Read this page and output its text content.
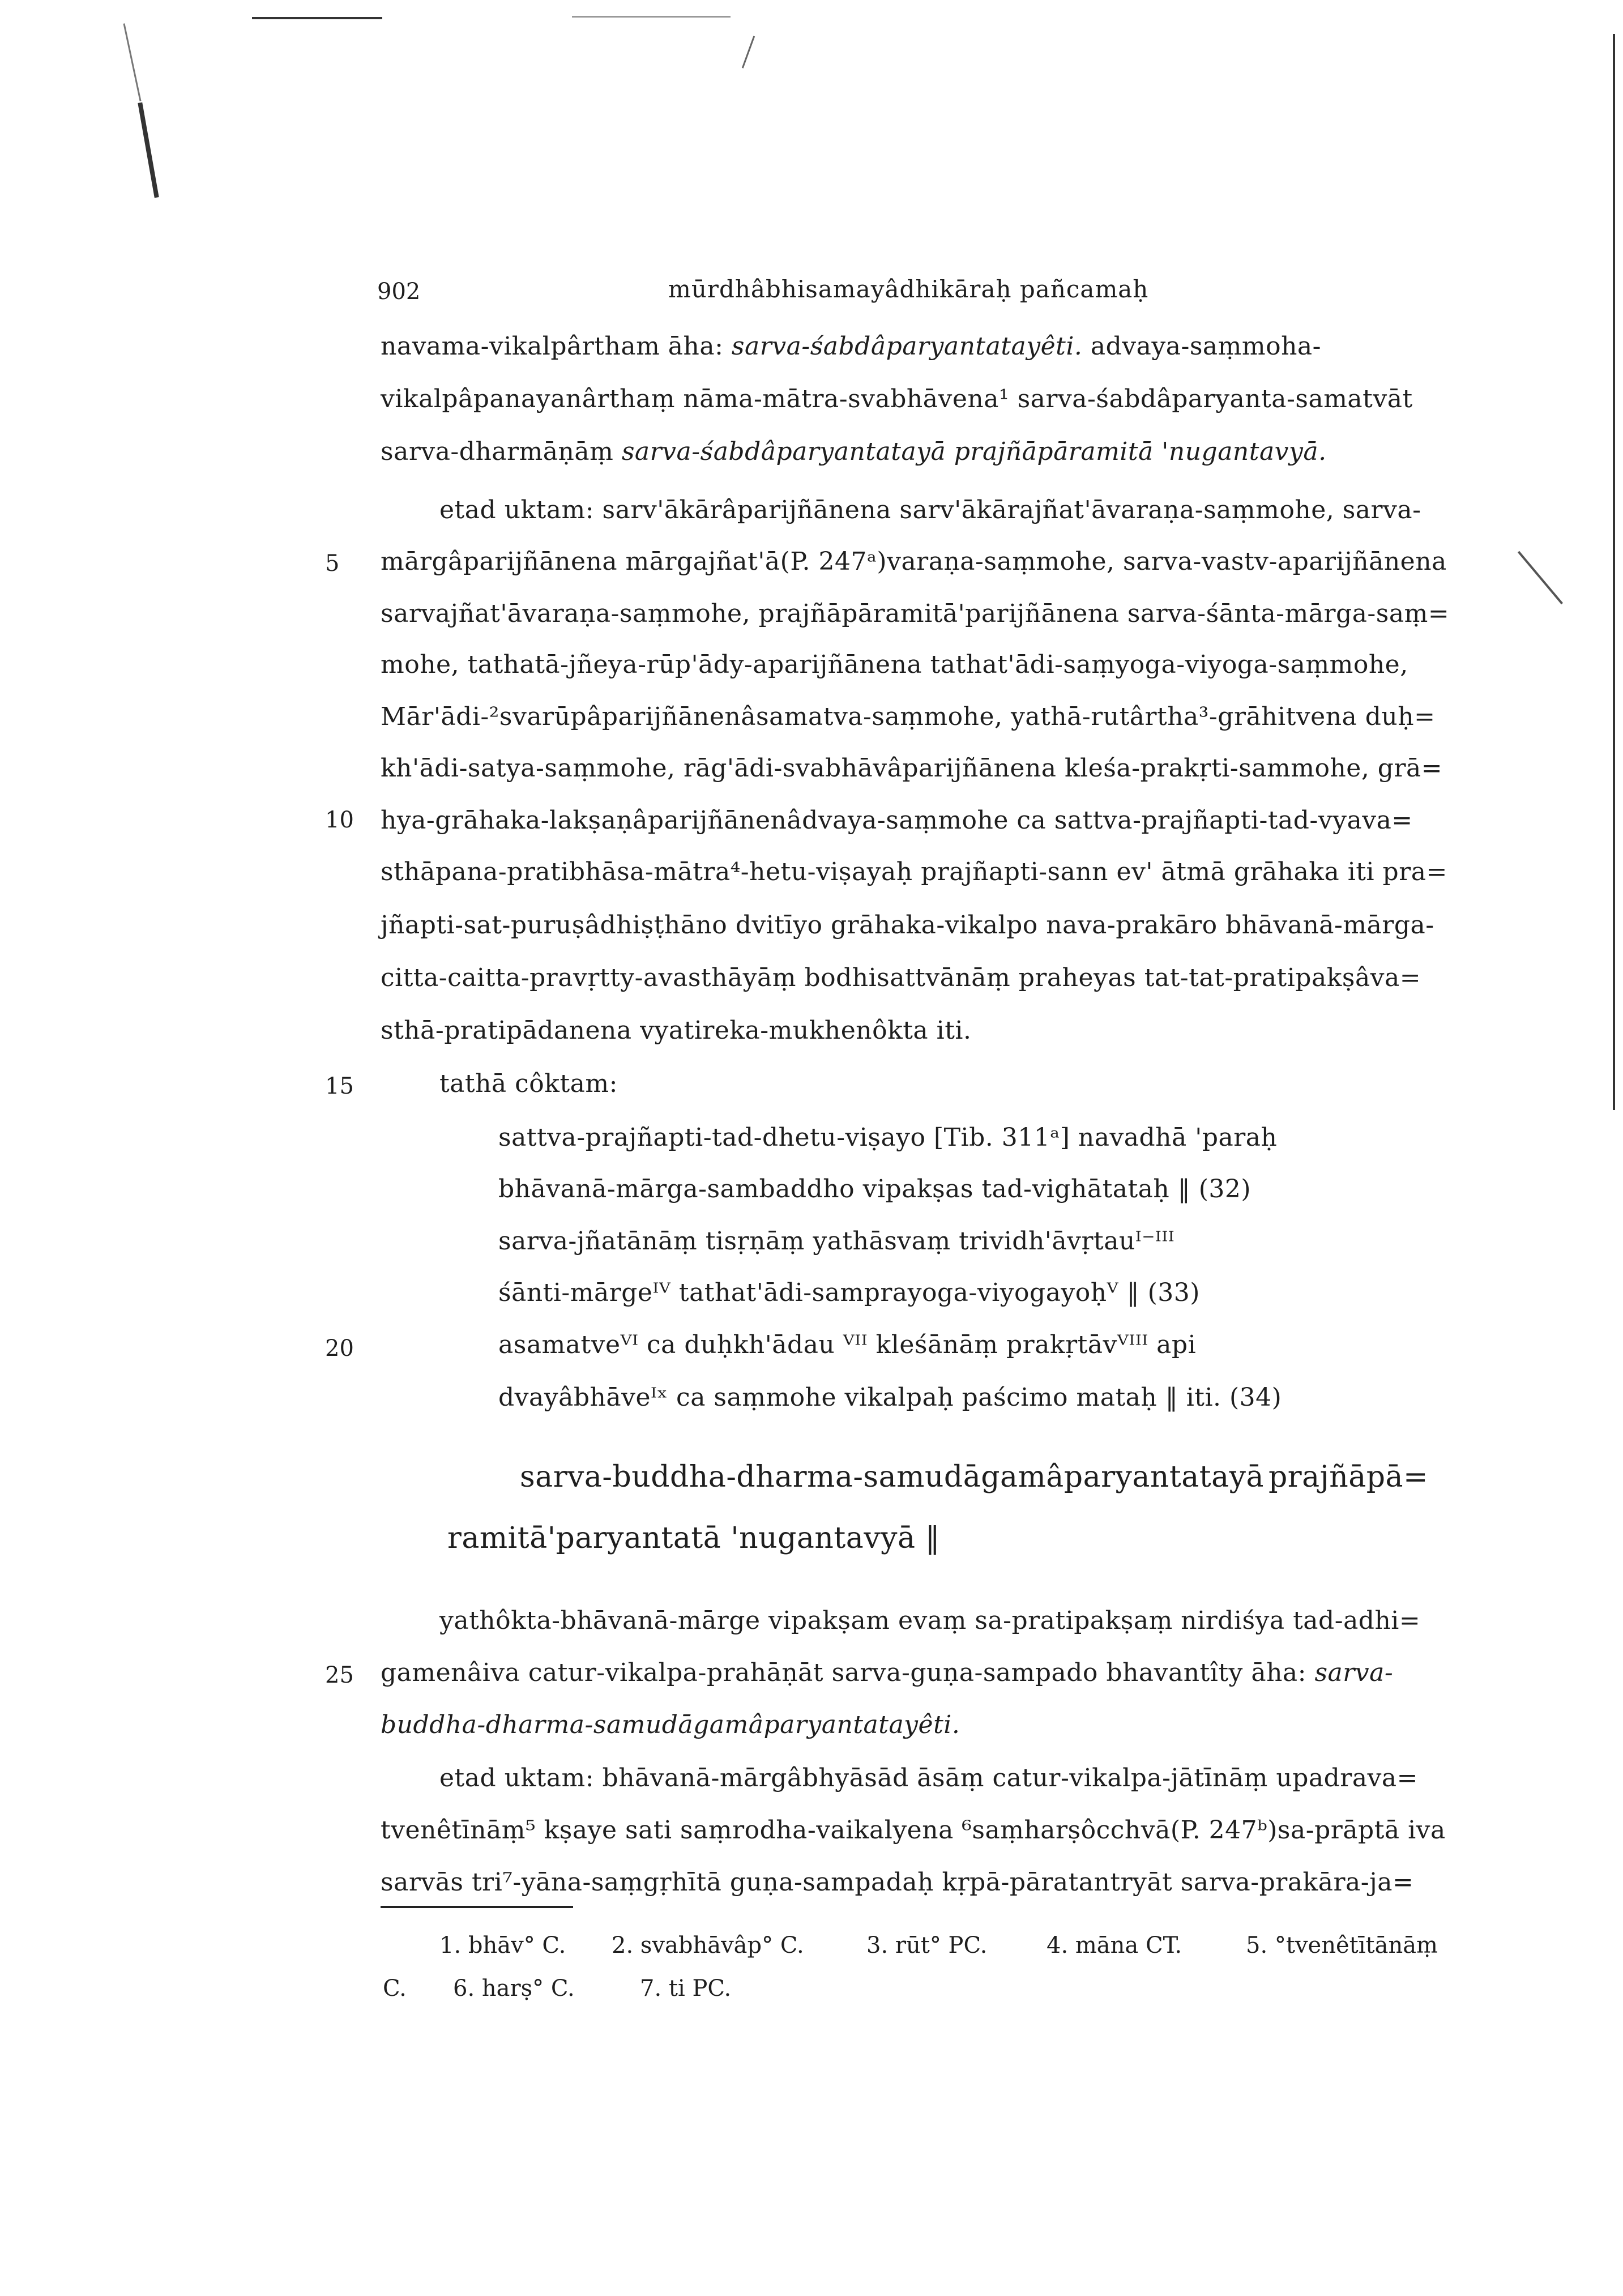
902	mūrdhâbhisamayâdhikāraḥ pañcamaḥ
5
10
15
20
25
navama-vikalpârtham āha: sarva-śabdâparyantatayêti. advaya-saṃmoha-
vikalpâpanayanârthaṃ nāma-mātra-svabhāvena¹ sarva-śabdâparyanta-samatvāt
sarva-dharmāṇāṃ sarva-śabdâparyantatayā prajñāpāramitā 'nugantavyā.
etad uktam: sarv'ākārâparijñānena sarv'ākārajñat'āvaraṇa-saṃmohe, sarva-
mārgâparijñānena mārgajñat'ā(P. 247ᵃ)varaṇa-saṃmohe, sarva-vastv-aparijñānena
sarvajñat'āvaraṇa-saṃmohe, prajñāpāramitā'parijñānena sarva-śānta-mārga-saṃ=
mohe, tathatā-jñeya-rūp'ādy-aparijñānena tathat'ādi-saṃyoga-viyoga-saṃmohe,
Mār'ādi-²svarūpâparijñānenâsamatva-saṃmohe, yathā-rutârtha³-grāhitvena duḥ=
kh'ādi-satya-saṃmohe, rāg'ādi-svabhāvâparijñānena kleśa-prakṛti-sammohe, grā=
hya-grāhaka-lakṣaṇâparijñānenâdvaya-saṃmohe ca sattva-prajñapti-tad-vyava=
sthāpana-pratibhāsa-mātra⁴-hetu-viṣayaḥ prajñapti-sann ev' ātmā grāhaka iti pra=
jñapti-sat-puruṣâdhiṣṭhāno dvitīyo grāhaka-vikalpo nava-prakāro bhāvanā-mārga-
citta-caitta-pravṛtty-avasthāyāṃ bodhisattvānāṃ praheyas tat-tat-pratipakṣâva=
sthā-pratipādanena vyatireka-mukhenôkta iti.
tathā côktam:
sattva-prajñapti-tad-dhetu-viṣayo [Tib. 311ᵃ] navadhā 'paraḥ
bhāvanā-mārga-sambaddho vipakṣas tad-vighātataḥ ‖ (32)
sarva-jñatānāṃ tisṛṇāṃ yathāsvaṃ trividh'āvṛtauᴵ⁻ᴵᴵᴵ
śānti-mārgeᴵⱽ tathat'ādi-samprayoga-viyogayoḥⱽ ‖ (33)
asamatveⱽᴵ ca duḥkh'ādau ⱽᴵᴵ kleśānāṃ prakṛtāvⱽᴵᴵᴵ api
dvayâbhāveᴵˣ ca saṃmohe vikalpaḥ paścimo mataḥ ‖ iti. (34)
sarva-buddha-dharma-samudāgamâparyantatayā prajñāpā=
ramitā'paryantatā 'nugantavyā ‖
yathôkta-bhāvanā-mārge vipakṣam evaṃ sa-pratipakṣaṃ nirdiśya tad-adhi=
gamenâiva catur-vikalpa-prahāṇāt sarva-guṇa-sampado bhavantîty āha: sarva-
buddha-dharma-samudāgamâparyantatayêti.
etad uktam: bhāvanā-mārgâbhyāsād āsāṃ catur-vikalpa-jātīnāṃ upadrava=
tvenêtīnāṃ⁵ kṣaye sati saṃrodha-vaikalyena ⁶saṃharṣôcchvā(P. 247ᵇ)sa-prāptā iva
sarvās tri⁷-yāna-saṃgṛhītā guṇa-sampadaḥ kṛpā-pāratantryāt sarva-prakāra-ja=
1. bhāv° C. 2. svabhāvâp° C.	3. rūt° PC.	4. māna CT.	5. °tvenêtītānāṃ
C. 6. harṣ° C.	7. ti PC.
